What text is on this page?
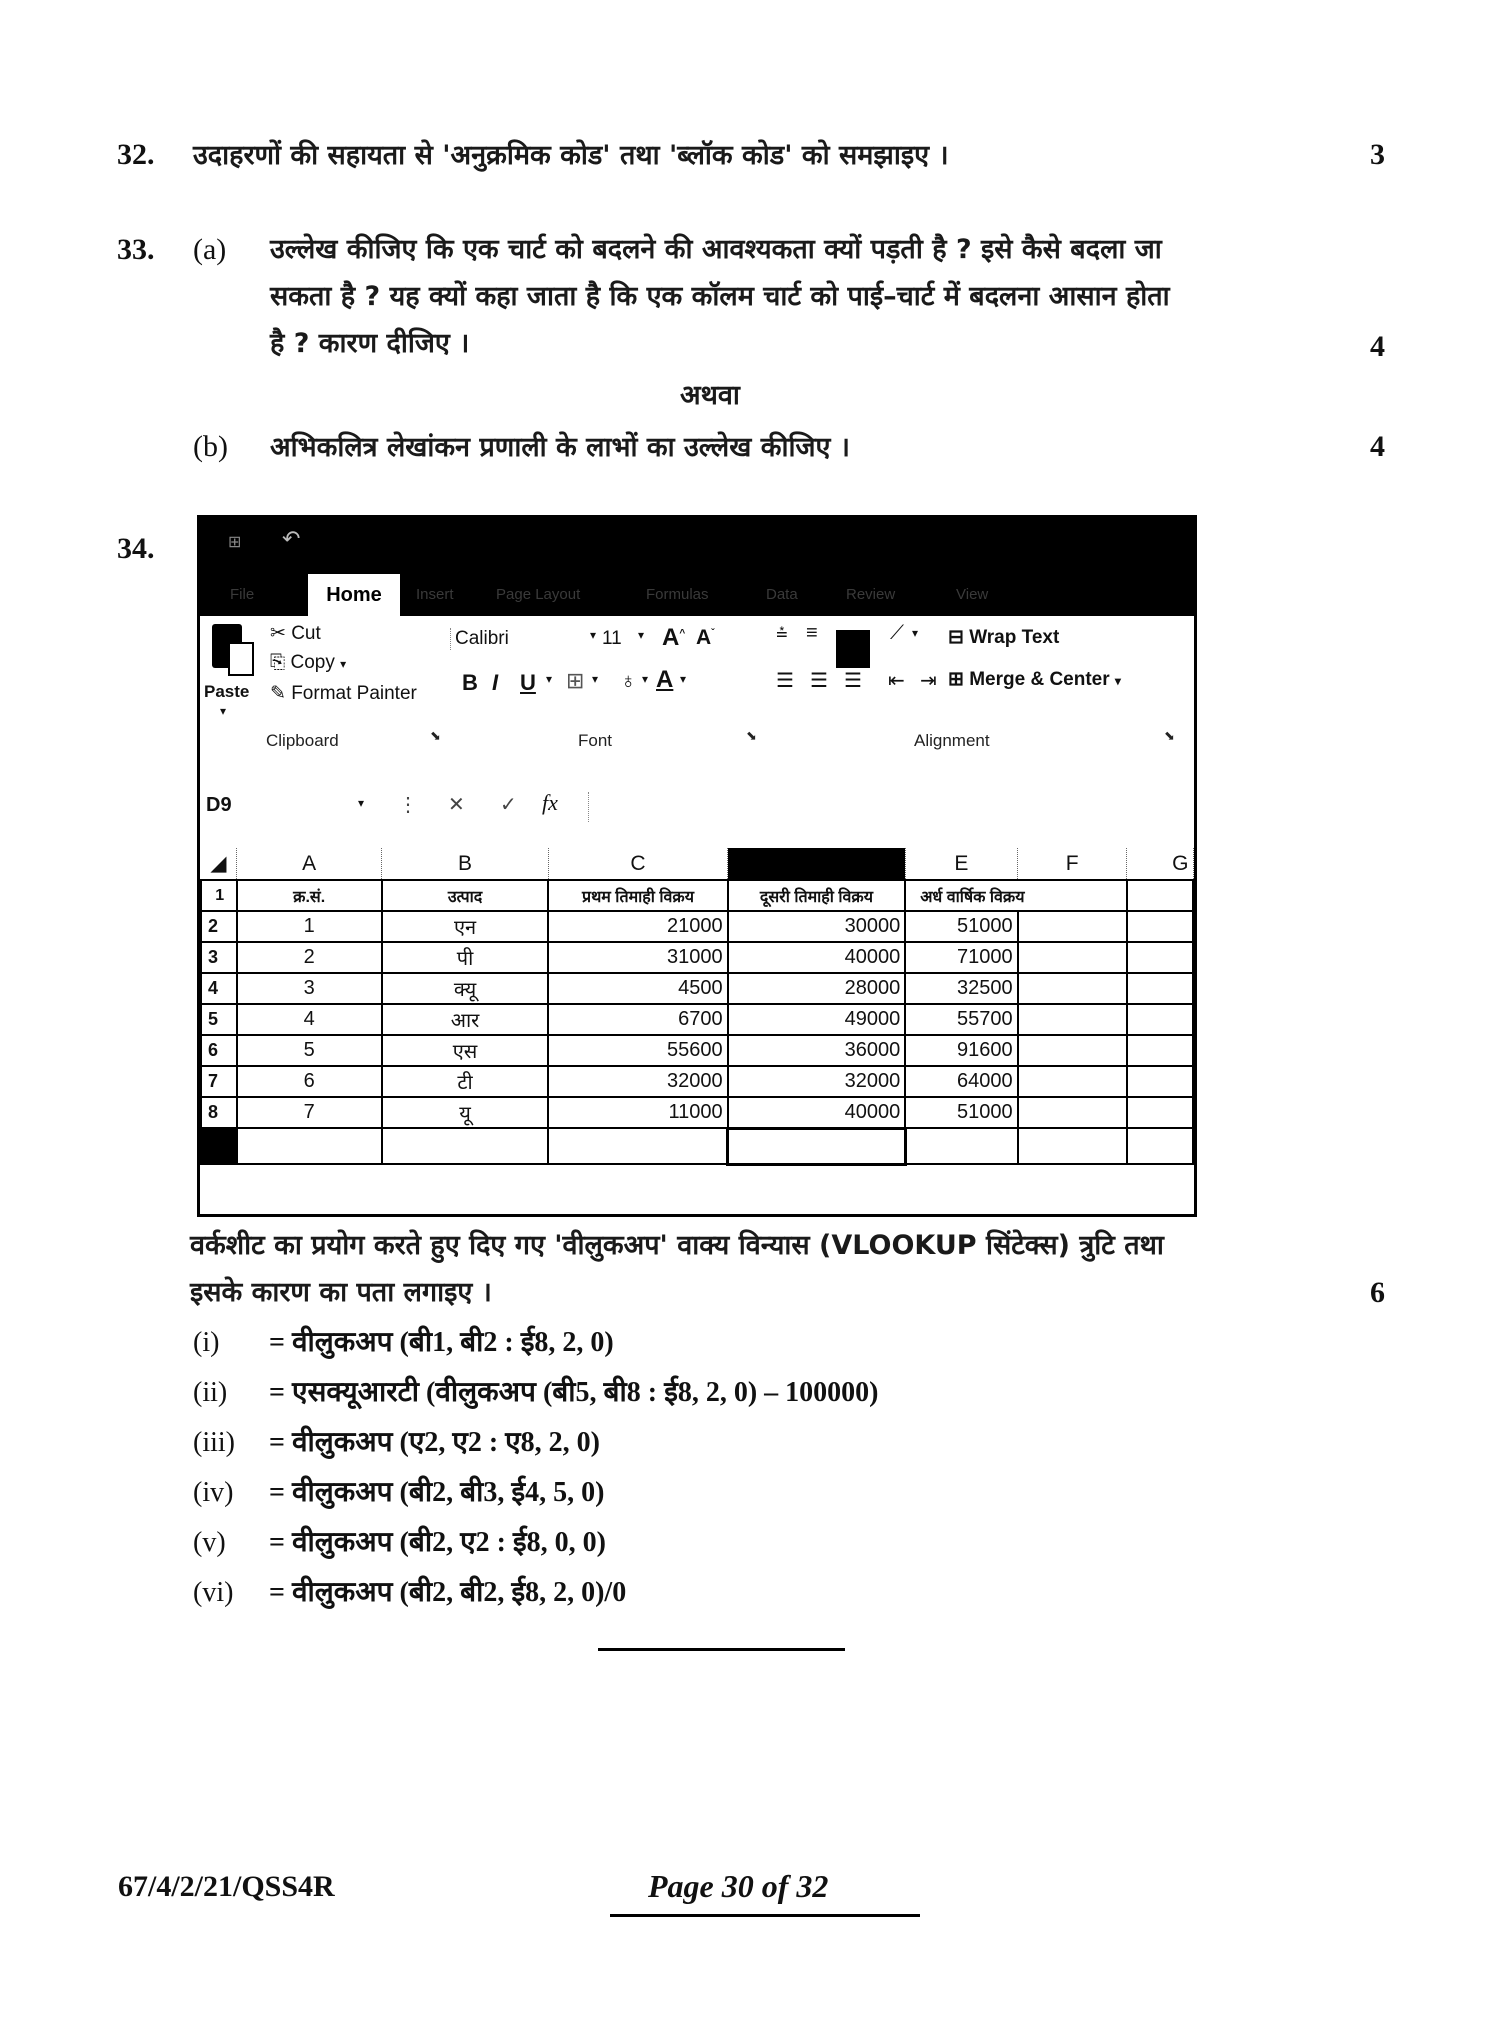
32. उदाहरणों की सहायता से 'अनुक्रमिक कोड' तथा 'ब्लॉक कोड' को समझाइए ।	3
33. (a) उल्लेख कीजिए कि एक चार्ट को बदलने की आवश्यकता क्यों पड़ती है ? इसे कैसे बदला जा
सकता है ? यह क्यों कहा जाता है कि एक कॉलम चार्ट को पाई–चार्ट में बदलना आसान होता
है ? कारण दीजिए ।	4
अथवा
(b) अभिकलित्र लेखांकन प्रणाली के लाभों का उल्लेख कीजिए ।	4
34.	⊞ ↶
File	Home	Insert	Page Layout	Formulas	Data	Review	View
Paste
▾
✂ Cut
⎘ Copy ▾
✎ Format Painter
Clipboard	⬊
Calibri	▾ 11 ▾ A^ $A^ˇ$
B I U ▾ ⊞ ▾ ♁ ▾ A ▾
Font	⬊
⩮ ≡	⟋ ▾ ⊟ Wrap Text
☰ ☰ ☰ ⇤ ⇥ ⊞ Merge & Center ▾
Alignment	⬊
D9	▾ ⋮ ✕ ✓ fx
◢	A	B	C	D	E	F	G
1	क्र.सं.	उत्पाद	प्रथम तिमाही विक्रय	दूसरी तिमाही विक्रय	अर्ध वार्षिक विक्रय		
2	1	एन	21000	30000	51000		
3	2	पी	31000	40000	71000		
4	3	क्यू	4500	28000	32500		
5	4	आर	6700	49000	55700		
6	5	एस	55600	36000	91600		
7	6	टी	32000	32000	64000		
8	7	यू	11000	40000	51000		

वर्कशीट का प्रयोग करते हुए दिए गए 'वीलुकअप' वाक्य विन्यास (VLOOKUP सिंटेक्स) त्रुटि तथा
इसके कारण का पता लगाइए ।	6
(i) = वीलुकअप (बी1, बी2 : ई8, 2, 0)
(ii) = एसक्यूआरटी (वीलुकअप (बी5, बी8 : ई8, 2, 0) – 100000)
(iii) = वीलुकअप (ए2, ए2 : ए8, 2, 0)
(iv) = वीलुकअप (बी2, बी3, ई4, 5, 0)
(v) = वीलुकअप (बी2, ए2 : ई8, 0, 0)
(vi) = वीलुकअप (बी2, बी2, ई8, 2, 0)/0
67/4/2/21/QSS4R	Page 30 of 32
